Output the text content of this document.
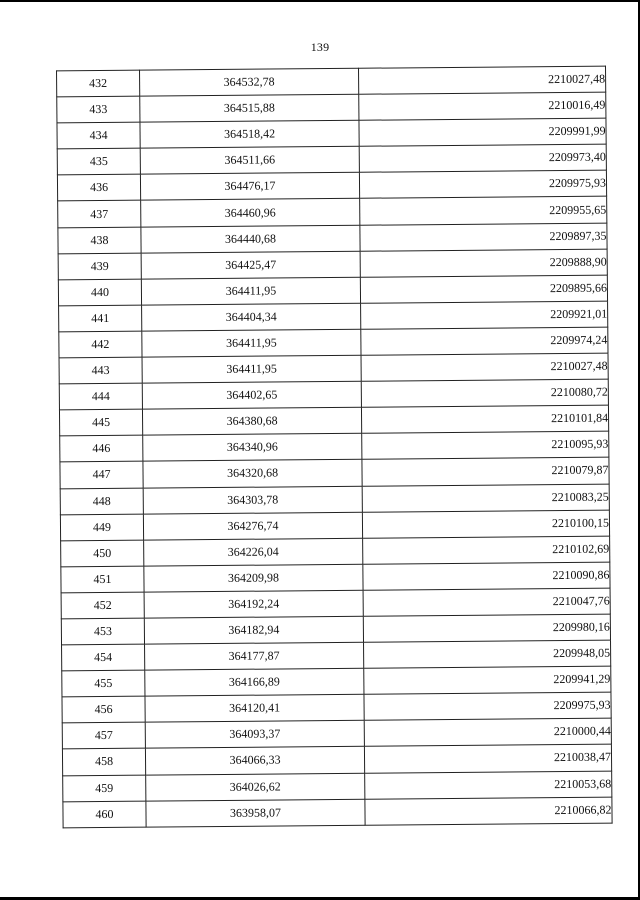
139
432	364532,78	2210027,48
433	364515,88	2210016,49
434	364518,42	2209991,99
435	364511,66	2209973,40
436	364476,17	2209975,93
437	364460,96	2209955,65
438	364440,68	2209897,35
439	364425,47	2209888,90
440	364411,95	2209895,66
441	364404,34	2209921,01
442	364411,95	2209974,24
443	364411,95	2210027,48
444	364402,65	2210080,72
445	364380,68	2210101,84
446	364340,96	2210095,93
447	364320,68	2210079,87
448	364303,78	2210083,25
449	364276,74	2210100,15
450	364226,04	2210102,69
451	364209,98	2210090,86
452	364192,24	2210047,76
453	364182,94	2209980,16
454	364177,87	2209948,05
455	364166,89	2209941,29
456	364120,41	2209975,93
457	364093,37	2210000,44
458	364066,33	2210038,47
459	364026,62	2210053,68
460	363958,07	2210066,82
